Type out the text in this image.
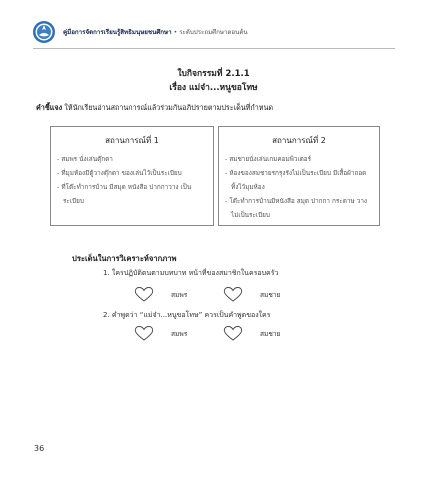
คู่มือการจัดการเรียนรู้สิทธิมนุษยชนศึกษา • ระดับประถมศึกษาตอนต้น
ใบกิจกรรมที่ 2.1.1
เรื่อง แม่จ๋า...หนูขอโทษ
คำชี้แจง ให้นักเรียนอ่านสถานการณ์แล้วร่วมกันอภิปรายตามประเด็นที่กำหนด
สถานการณ์ที่ 1
- สมพร นั่งเล่นตุ๊กตา
- ที่มุมห้องมีตู้วางตุ๊กตา ของเล่นไว้เป็นระเบียบ
- ที่โต๊ะทำการบ้าน มีสมุด หนังสือ ปากกาวาง เป็นระเบียบ
สถานการณ์ที่ 2
- สมชายนั่งเล่นเกมคอมพิวเตอร์
- ห้องของสมชายรกรุงรังไม่เป็นระเบียบ มีเสื้อผ้าถอดทิ้งไว้มุมห้อง
- โต๊ะทำการบ้านมีหนังสือ สมุด ปากกา กระดาษ วางไม่เป็นระเบียบ
ประเด็นในการวิเคราะห์จากภาพ
1. ใครปฏิบัติตนตามบทบาท หน้าที่ของสมาชิกในครอบครัว
สมพร	สมชาย
2. คำพูดว่า “แม่จ๋า...หนูขอโทษ” ควรเป็นคำพูดของใคร
สมพร	สมชาย
36
